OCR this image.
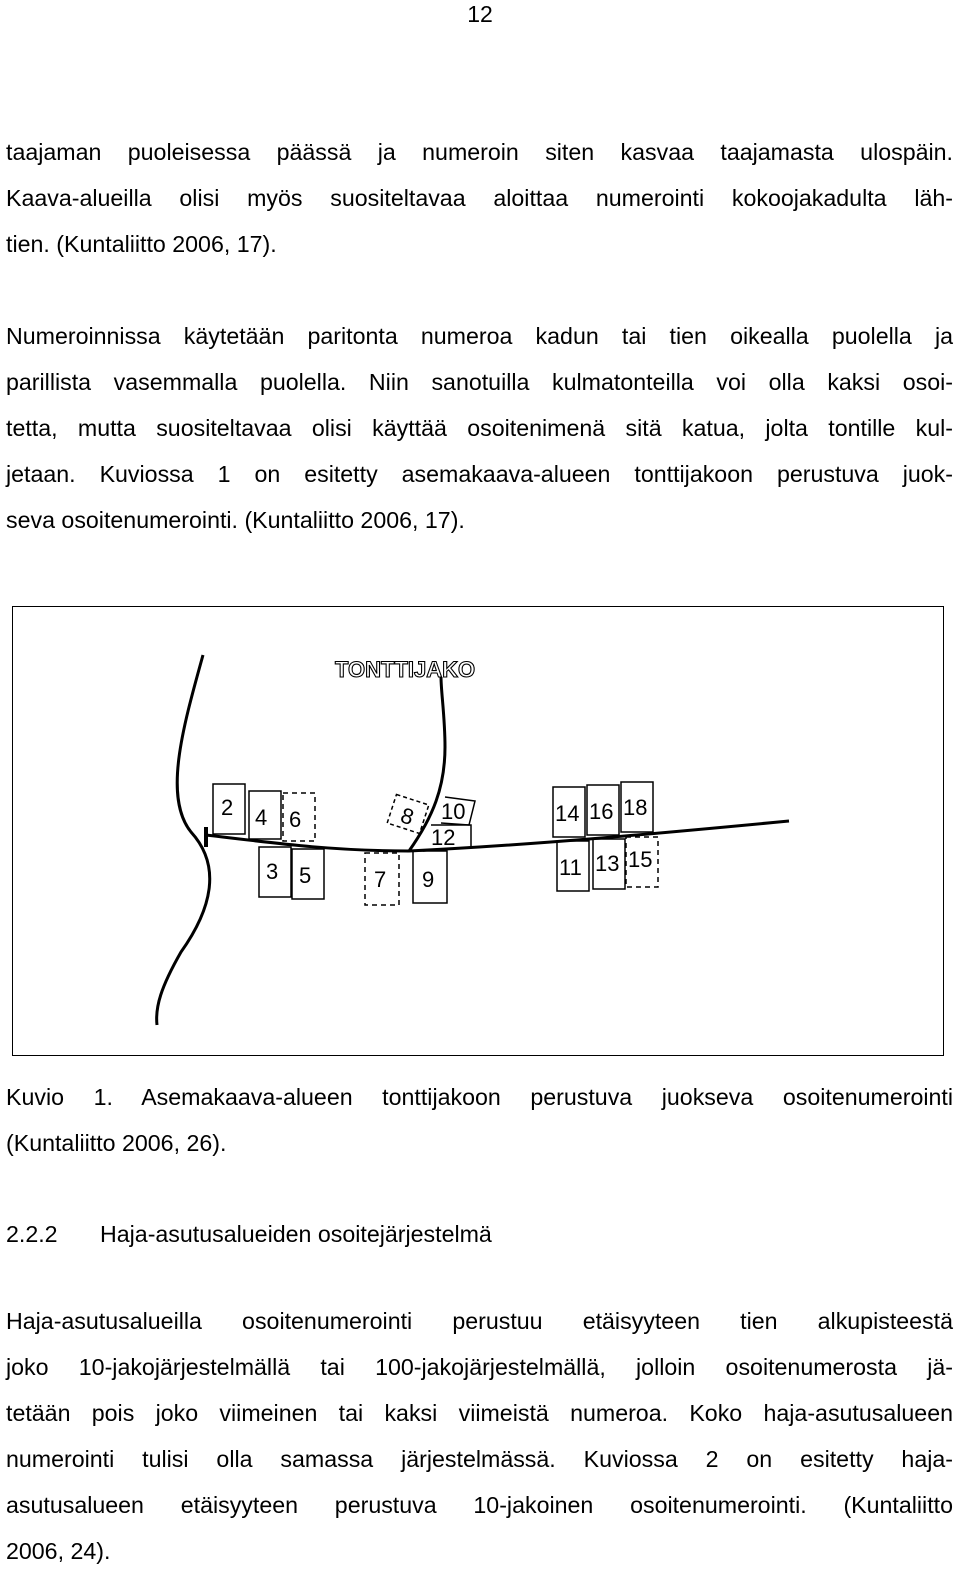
12
taajaman puoleisessa päässä ja numeroin siten kasvaa taajamasta ulospäin.
Kaava-alueilla olisi myös suositeltavaa aloittaa numerointi kokoojakadulta läh-
tien. (Kuntaliitto 2006, 17).
Numeroinnissa käytetään paritonta numeroa kadun tai tien oikealla puolella ja
parillista vasemmalla puolella. Niin sanotuilla kulmatonteilla voi olla kaksi osoi-
tetta, mutta suositeltavaa olisi käyttää osoitenimenä sitä katua, jolta tontille kul-
jetaan. Kuviossa 1 on esitetty asemakaava-alueen tonttijakoon perustuva juok-
seva osoitenumerointi. (Kuntaliitto 2006, 17).
TONTTIJAKO
2 4 6
3 5	7
8
9
10
12
14 16 18
11 13 15
Kuvio 1. Asemakaava-alueen tonttijakoon perustuva juokseva osoitenumerointi
(Kuntaliitto 2006, 26).
2.2.2 Haja-asutusalueiden osoitejärjestelmä
Haja-asutusalueilla osoitenumerointi perustuu etäisyyteen tien alkupisteestä
joko 10-jakojärjestelmällä tai 100-jakojärjestelmällä, jolloin osoitenumerosta jä-
tetään pois joko viimeinen tai kaksi viimeistä numeroa. Koko haja-asutusalueen
numerointi tulisi olla samassa järjestelmässä. Kuviossa 2 on esitetty haja-
asutusalueen etäisyyteen perustuva 10-jakoinen osoitenumerointi. (Kuntaliitto
2006, 24).
